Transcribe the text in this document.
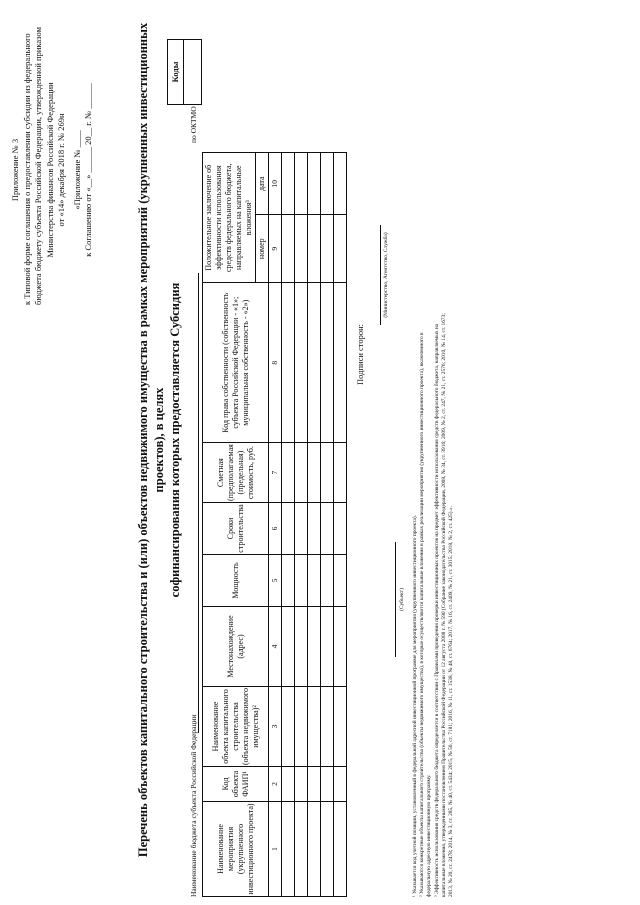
Приложение № 3 к Типовой форме соглашения о предоставлении субсидии из федерального бюджета бюджету субъекта Российской Федерации, утвержденной приказом Министерства финансов Российской Федерации от «14» декабря 2018 г. № 269н «Приложение № ____ к Соглашению от «__» ______ 20__ г. № ______	Перечень объектов капитального строительства и (или) объектов недвижимого имущества в рамках мероприятий (укрупненных инвестиционных проектов), в целях софинансирования которых предоставляется Субсидия
Коды
Наименование бюджета субъекта Российской Федерации
по ОКТМО
Наименование мероприятия (укрупненного инвестиционного проекта)	Код объекта ФАИП¹	Наименование объекта капитального строительства (объекта недвижимого имущества)²	Местонахождение (адрес)	Мощность	Сроки строительства	Сметная (предполагаемая (предельная) стоимость, руб.	Код права собственности (собственность субъекта Российской Федерации - «1»; муниципальная собственность - «2»)	Положительное заключение об эффективности использования средств федерального бюджета, направляемых на капитальные вложения³	
								номер	дата
1	2	3	4	5	6	7	8	9	10

Подписи сторон:
(Субъект)
(Министерство, Агентство, Служба)
¹ Указывается код учетной позиции, установленный в федеральной адресной инвестиционной программе для мероприятия (укрупненного инвестиционного проекта). ² Указываются конкретные объекты капитального строительства (объекты недвижимого имущества), в которые осуществляются капитальные вложения в рамках реализации мероприятия (укрупненного инвестиционного проекта), включенного в федеральную адресную инвестиционную программу. ³ Эффективность использования средств федерального бюджета определяется в соответствии с Правилами проведения проверки инвестиционных проектов на предмет эффективности использования средств федерального бюджета, направляемых на капитальные вложения, утвержденными постановлением Правительства Российской Федерации от 12 августа 2008 г. № 590 (Собрание законодательства Российской Федерации, 2008, № 34, ст. 3916; 2009, № 2, ст. 247, № 21, ст. 2576; 2010, № 14, ст. 1673; 2013, № 20, ст. 2478; 2014, № 3, ст. 285, № 40, ст. 5434; 2015, № 50, ст. 7181; 2016, № 11, ст. 1538, № 48, ст. 6764; 2017, № 16, ст. 2409, № 21, ст. 3015; 2018, № 2, ст. 425).».
